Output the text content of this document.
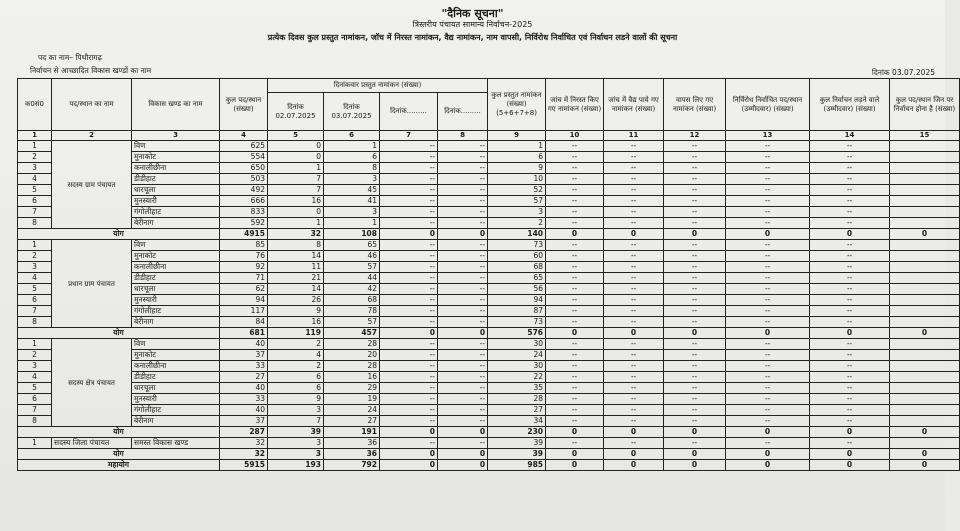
"दैनिक सूचना"
त्रिस्तरीय पंचायत सामान्य निर्वाचन-2025
प्रत्येक दिवस कुल प्रस्तुत नामांकन, जॉच में निरस्त नामांकन, वैद्य नामांकन, नाम वापसी, निर्विरोध निर्वाचित एवं निर्वाचन लडने वालों की सूचना
पद का नाम– पिथौरागढ़
निर्वाचन से आच्छादित विकास खण्डों का नाम	दिनांक 03.07.2025
क0सं0	पद/स्थान का नाम	विकास खण्ड का नाम	कुल पद/स्थान (संख्या)	दिनांकवार प्रस्तुत नामांकन (संख्या)				कुल प्रस्तुत नामांकन (संख्या) (5+6+7+8)	जांच में निरस्त किए गए नामांकन (संख्या)	जांच में वैद्य पाये गए नामांकन (संख्या)	वापस लिए गए नामांकन (संख्या)	निर्विरोध निर्वाचित पद/स्थान (उम्मीदवार) (संख्या)	कुल निर्वाचन लड़ने वाले (उम्मीदवार) (संख्या)	कुल पद/स्थान जिन पर निर्वाचन होना है (संख्या)
				दिनांक 02.07.2025	दिनांक 03.07.2025	दिनांक.........	दिनांक.........							
1	2	3	4	5	6	7	8	9	10	11	12	13	14	15
1	सदस्य ग्राम पंचायत	विण	625	0	1	--	--	1	--	--	--	--	--	
2		मुनाकोट	554	0	6	--	--	6	--	--	--	--	--	
3		कनालीछीना	650	1	8	--	--	9	--	--	--	--	--	
4		डीडीहाट	503	7	3	--	--	10	--	--	--	--	--	
5		धारचूला	492	7	45	--	--	52	--	--	--	--	--	
6		मुनस्यारी	666	16	41	--	--	57	--	--	--	--	--	
7		गंगोलीहाट	833	0	3	--	--	3	--	--	--	--	--	
8		बेरीनाग	592	1	1	--	--	2	--	--	--	--	--	
योग			4915	32	108	0	0	140	0	0	0	0	0	0
1	प्रधान ग्राम पंचायत	विण	85	8	65	--	--	73	--	--	--	--	--	
2		मुनाकोट	76	14	46	--	--	60	--	--	--	--	--	
3		कनालीछीना	92	11	57	--	--	68	--	--	--	--	--	
4		डीडीहाट	71	21	44	--	--	65	--	--	--	--	--	
5		धारचूला	62	14	42	--	--	56	--	--	--	--	--	
6		मुनस्यारी	94	26	68	--	--	94	--	--	--	--	--	
7		गंगोलीहाट	117	9	78	--	--	87	--	--	--	--	--	
8		बेरीनाग	84	16	57	--	--	73	--	--	--	--	--	
योग			681	119	457	0	0	576	0	0	0	0	0	0
1	सदस्य क्षेत्र पंचायत	विण	40	2	28	--	--	30	--	--	--	--	--	
2		मुनाकोट	37	4	20	--	--	24	--	--	--	--	--	
3		कनालीछीना	33	2	28	--	--	30	--	--	--	--	--	
4		डीडीहाट	27	6	16	--	--	22	--	--	--	--	--	
5		धारचूला	40	6	29	--	--	35	--	--	--	--	--	
6		मुनस्यारी	33	9	19	--	--	28	--	--	--	--	--	
7		गंगोलीहाट	40	3	24	--	--	27	--	--	--	--	--	
8		बेरीनाग	37	7	27	--	--	34	--	--	--	--	--	
योग			287	39	191	0	0	230	0	0	0	0	0	0
1	सदस्य जिला पंचायत	समस्त विकास खण्ड	32	3	36	--	--	39	--	--	--	--	--	
योग			32	3	36	0	0	39	0	0	0	0	0	0
महायोग			5915	193	792	0	0	985	0	0	0	0	0	0
